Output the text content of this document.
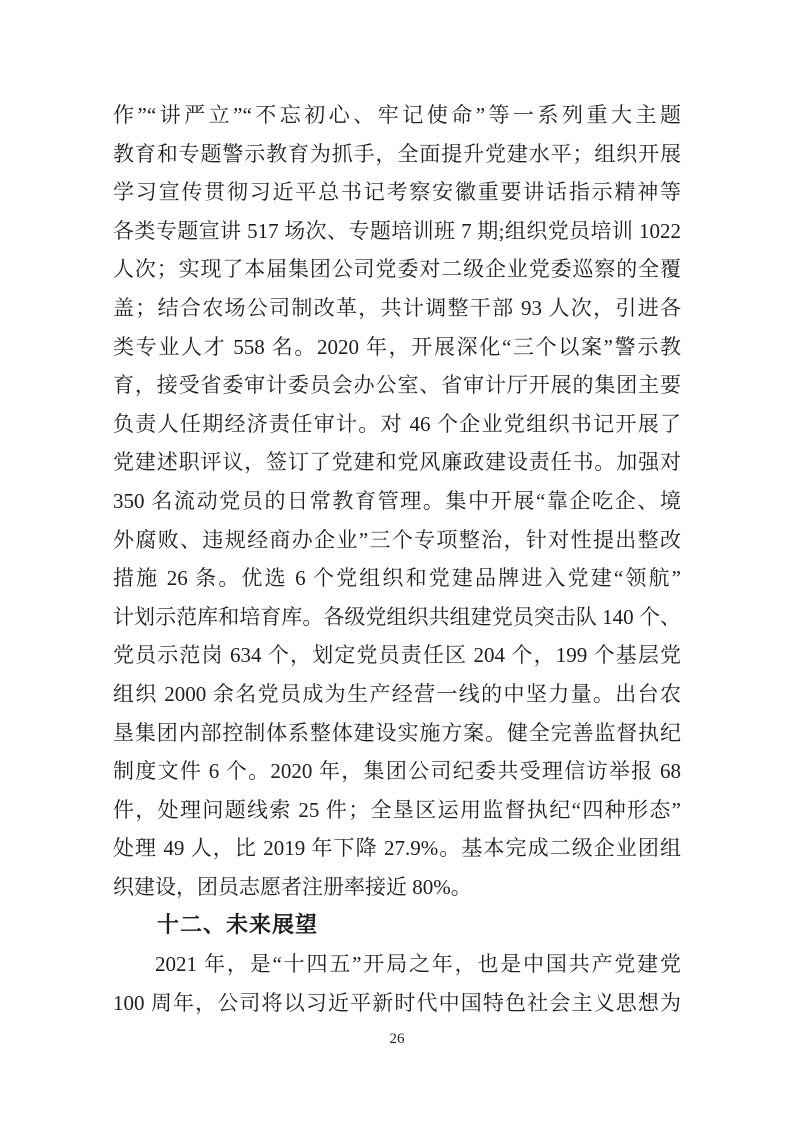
作”“讲严立”“不忘初心、牢记使命”等一系列重大主题
教育和专题警示教育为抓手，全面提升党建水平；组织开展
学习宣传贯彻习近平总书记考察安徽重要讲话指示精神等
各类专题宣讲 517 场次、专题培训班 7 期;组织党员培训 1022
人次；实现了本届集团公司党委对二级企业党委巡察的全覆
盖；结合农场公司制改革，共计调整干部 93 人次，引进各
类专业人才 558 名。2020 年，开展深化“三个以案”警示教
育，接受省委审计委员会办公室、省审计厅开展的集团主要
负责人任期经济责任审计。对 46 个企业党组织书记开展了
党建述职评议，签订了党建和党风廉政建设责任书。加强对
350 名流动党员的日常教育管理。集中开展“靠企吃企、境
外腐败、违规经商办企业”三个专项整治，针对性提出整改
措施 26 条。优选 6 个党组织和党建品牌进入党建“领航”
计划示范库和培育库。各级党组织共组建党员突击队 140 个、
党员示范岗 634 个，划定党员责任区 204 个，199 个基层党
组织 2000 余名党员成为生产经营一线的中坚力量。出台农
垦集团内部控制体系整体建设实施方案。健全完善监督执纪
制度文件 6 个。2020 年，集团公司纪委共受理信访举报 68
件，处理问题线索 25 件；全垦区运用监督执纪“四种形态”
处理 49 人，比 2019 年下降 27.9%。基本完成二级企业团组
织建设，团员志愿者注册率接近 80%。
十二、未来展望
2021 年，是“十四五”开局之年，也是中国共产党建党
100 周年，公司将以习近平新时代中国特色社会主义思想为
26
